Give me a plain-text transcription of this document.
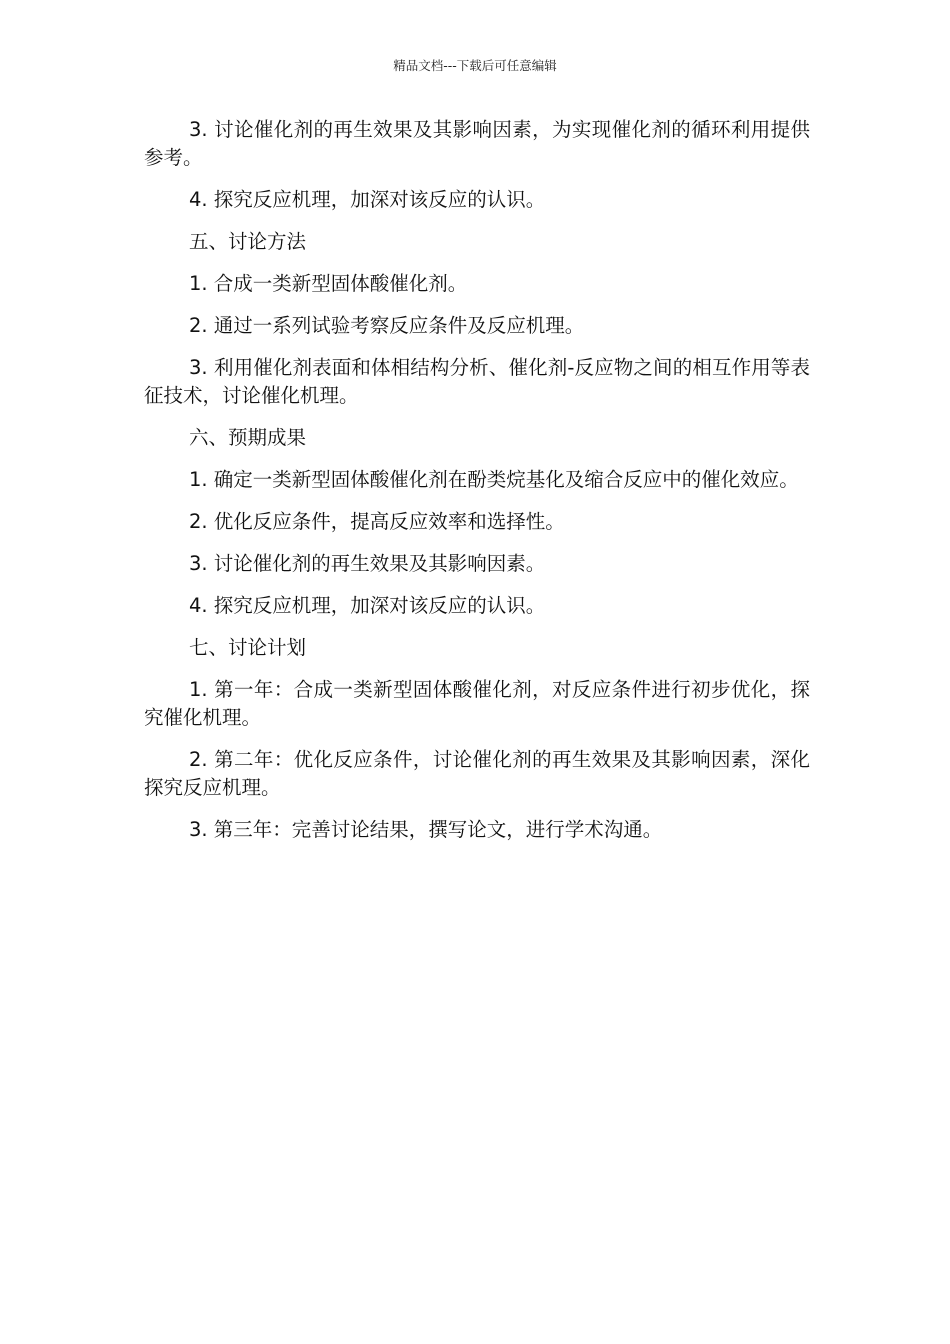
精品文档---下载后可任意编辑

3. 讨论催化剂的再生效果及其影响因素，为实现催化剂的循环利用提供参考。

4. 探究反应机理，加深对该反应的认识。

五、讨论方法

1. 合成一类新型固体酸催化剂。

2. 通过一系列试验考察反应条件及反应机理。

3. 利用催化剂表面和体相结构分析、催化剂-反应物之间的相互作用等表征技术，讨论催化机理。

六、预期成果

1. 确定一类新型固体酸催化剂在酚类烷基化及缩合反应中的催化效应。

2. 优化反应条件，提高反应效率和选择性。

3. 讨论催化剂的再生效果及其影响因素。

4. 探究反应机理，加深对该反应的认识。

七、讨论计划

1. 第一年：合成一类新型固体酸催化剂，对反应条件进行初步优化，探究催化机理。

2. 第二年：优化反应条件，讨论催化剂的再生效果及其影响因素，深化探究反应机理。

3. 第三年：完善讨论结果，撰写论文，进行学术沟通。
